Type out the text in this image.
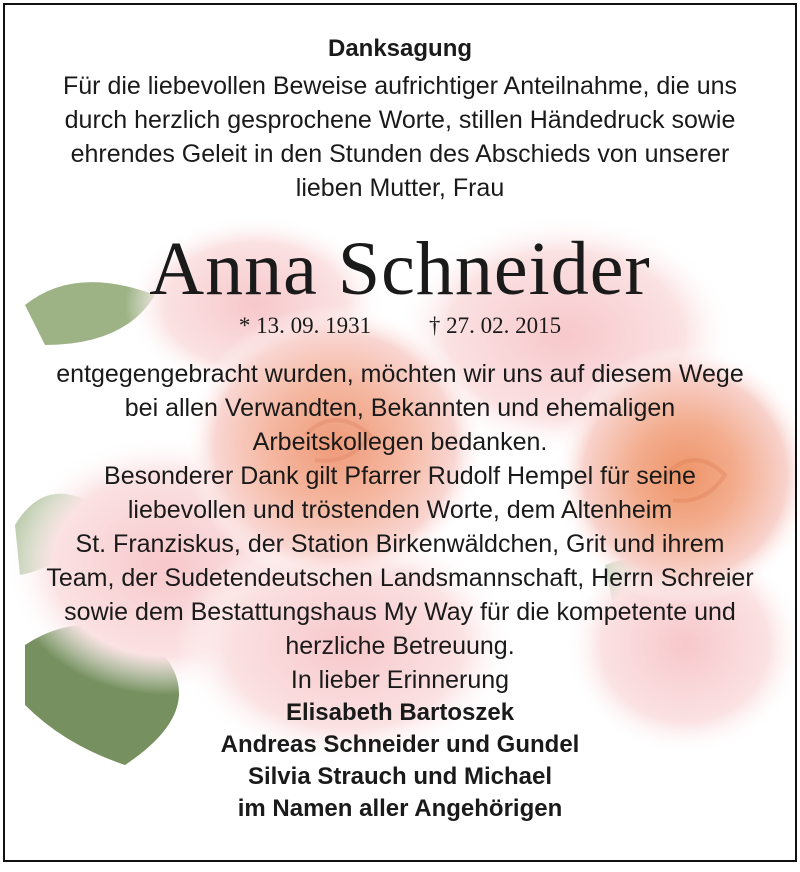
Danksagung

Für die liebevollen Beweise aufrichtiger Anteilnahme, die uns

durch herzlich gesprochene Worte, stillen Händedruck sowie

ehrendes Geleit in den Stunden des Abschieds von unserer

lieben Mutter, Frau

Anna Schneider
* 13. 09. 1931	† 27. 02. 2015

entgegengebracht wurden, möchten wir uns auf diesem Wege

bei allen Verwandten, Bekannten und ehemaligen

Arbeitskollegen bedanken.

Besonderer Dank gilt Pfarrer Rudolf Hempel für seine

liebevollen und tröstenden Worte, dem Altenheim

St. Franziskus, der Station Birkenwäldchen, Grit und ihrem

Team, der Sudetendeutschen Landsmannschaft, Herrn Schreier

sowie dem Bestattungshaus My Way für die kompetente und

herzliche Betreuung.

In lieber Erinnerung

Elisabeth Bartoszek

Andreas Schneider und Gundel

Silvia Strauch und Michael

im Namen aller Angehörigen
